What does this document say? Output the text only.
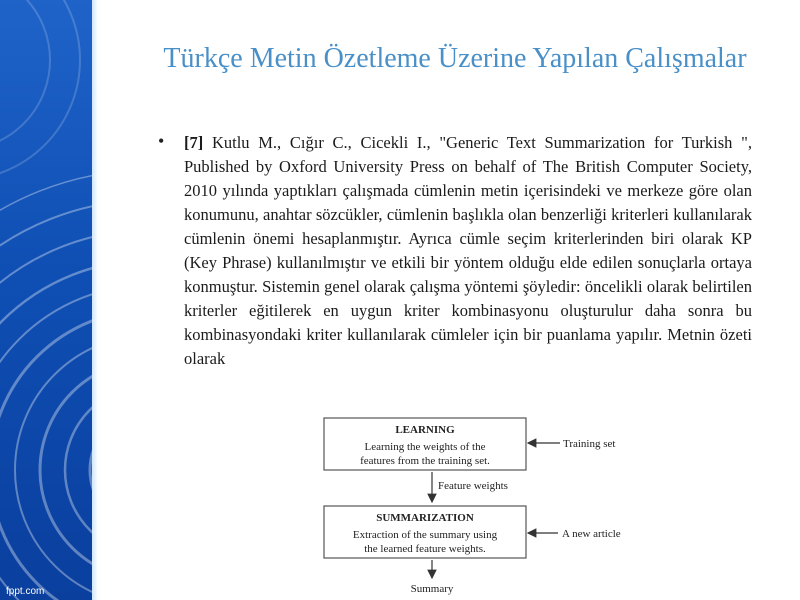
Türkçe Metin Özetleme Üzerine Yapılan Çalışmalar
• [7] Kutlu M., Cığır C., Cicekli I., "Generic Text Summarization for Turkish ", Published by Oxford University Press on behalf of The British Computer Society, 2010 yılında yaptıkları çalışmada cümlenin metin içerisindeki ve merkeze göre olan konumunu, anahtar sözcükler, cümlenin başlıkla olan benzerliği kriterleri kullanılarak cümlenin önemi hesaplanmıştır. Ayrıca cümle seçim kriterlerinden biri olarak KP (Key Phrase) kullanılmıştır ve etkili bir yöntem olduğu elde edilen sonuçlarla ortaya konmuştur. Sistemin genel olarak çalışma yöntemi şöyledir: öncelikli olarak belirtilen kriterler eğitilerek en uygun kriter kombinasyonu oluşturulur daha sonra bu kombinasyondaki kriter kullanılarak cümleler için bir puanlama yapılır. Metnin özeti olarak
LEARNING
Learning the weights of the
features from the training set.
Training set
Feature weights
SUMMARIZATION
Extraction of the summary using
the learned feature weights.
A new article
Summary
fppt.com
